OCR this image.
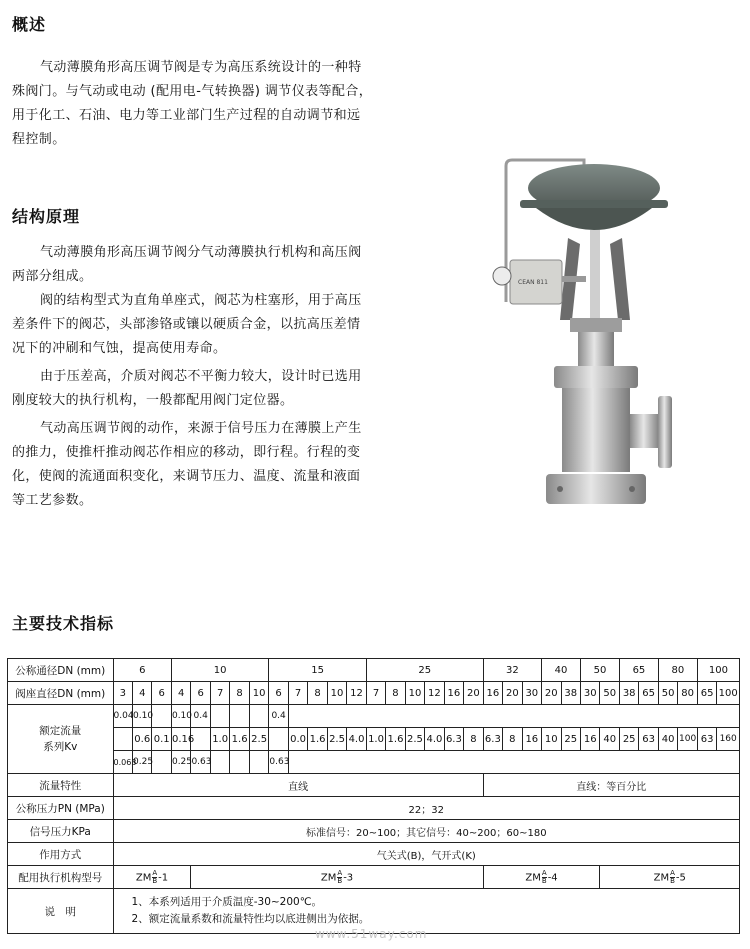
概述
气动薄膜角形高压调节阀是专为高压系统设计的一种特
殊阀门。与气动或电动 (配用电-气转换器) 调节仪表等配合，
用于化工、石油、电力等工业部门生产过程的自动调节和远
程控制。
结构原理
气动薄膜角形高压调节阀分气动薄膜执行机构和高压阀
两部分组成。
阀的结构型式为直角单座式，阀芯为柱塞形，用于高压
差条件下的阀芯，头部渗铬或镶以硬质合金，以抗高压差情
况下的冲刷和气蚀，提高使用寿命。
由于压差高，介质对阀芯不平衡力较大，设计时已选用
刚度较大的执行机构，一般都配用阀门定位器。
气动高压调节阀的动作，来源于信号压力在薄膜上产生
的推力，使推杆推动阀芯作相应的移动，即行程。行程的变
化，使阀的流通面积变化，来调节压力、温度、流量和液面
等工艺参数。
CEAN 811
主要技术指标
公称通径DN (mm)	6			10					15					25						32			40		50		65		80		100	
阀座直径DN (mm)	3	4	6	4	6	7	8	10	6	7	8	10	12	7	8	10	12	16	20	16	20	30	20	38	30	50	38	65	50	80	65	100

额定流量
系列Kv	0.04	0.10		0.10	0.4				0.4																							
		0.6	0.1	0.16		1.0	1.6	2.5		0.0	1.6	2.5	4.0	1.0	1.6	2.5	4.0	6.3	8	6.3	8	16	10	25	16	40	25	63	40	100	63	160
	0.063	0.25		0.25	0.63				0.63																							
流量特性	直线																			直线：等百分比												
公称压力PN (MPa)	22；32																															
信号压力KPa	标准信号：20~100；其它信号：40~200；60~180																															
作用方式	气关式(B)，气开式(K)																															
配用执行机构型号	$ZM\frac{A}{B} -1$				$ZM\frac{A}{B} -3$															$ZM\frac{A}{B} -4$						$ZM\frac{A}{B} -5$						
说　明	1、本系列适用于介质温度-30~200℃。
2、额定流量系数和流量特性均以底进侧出为依据。																															
www.51way.com
